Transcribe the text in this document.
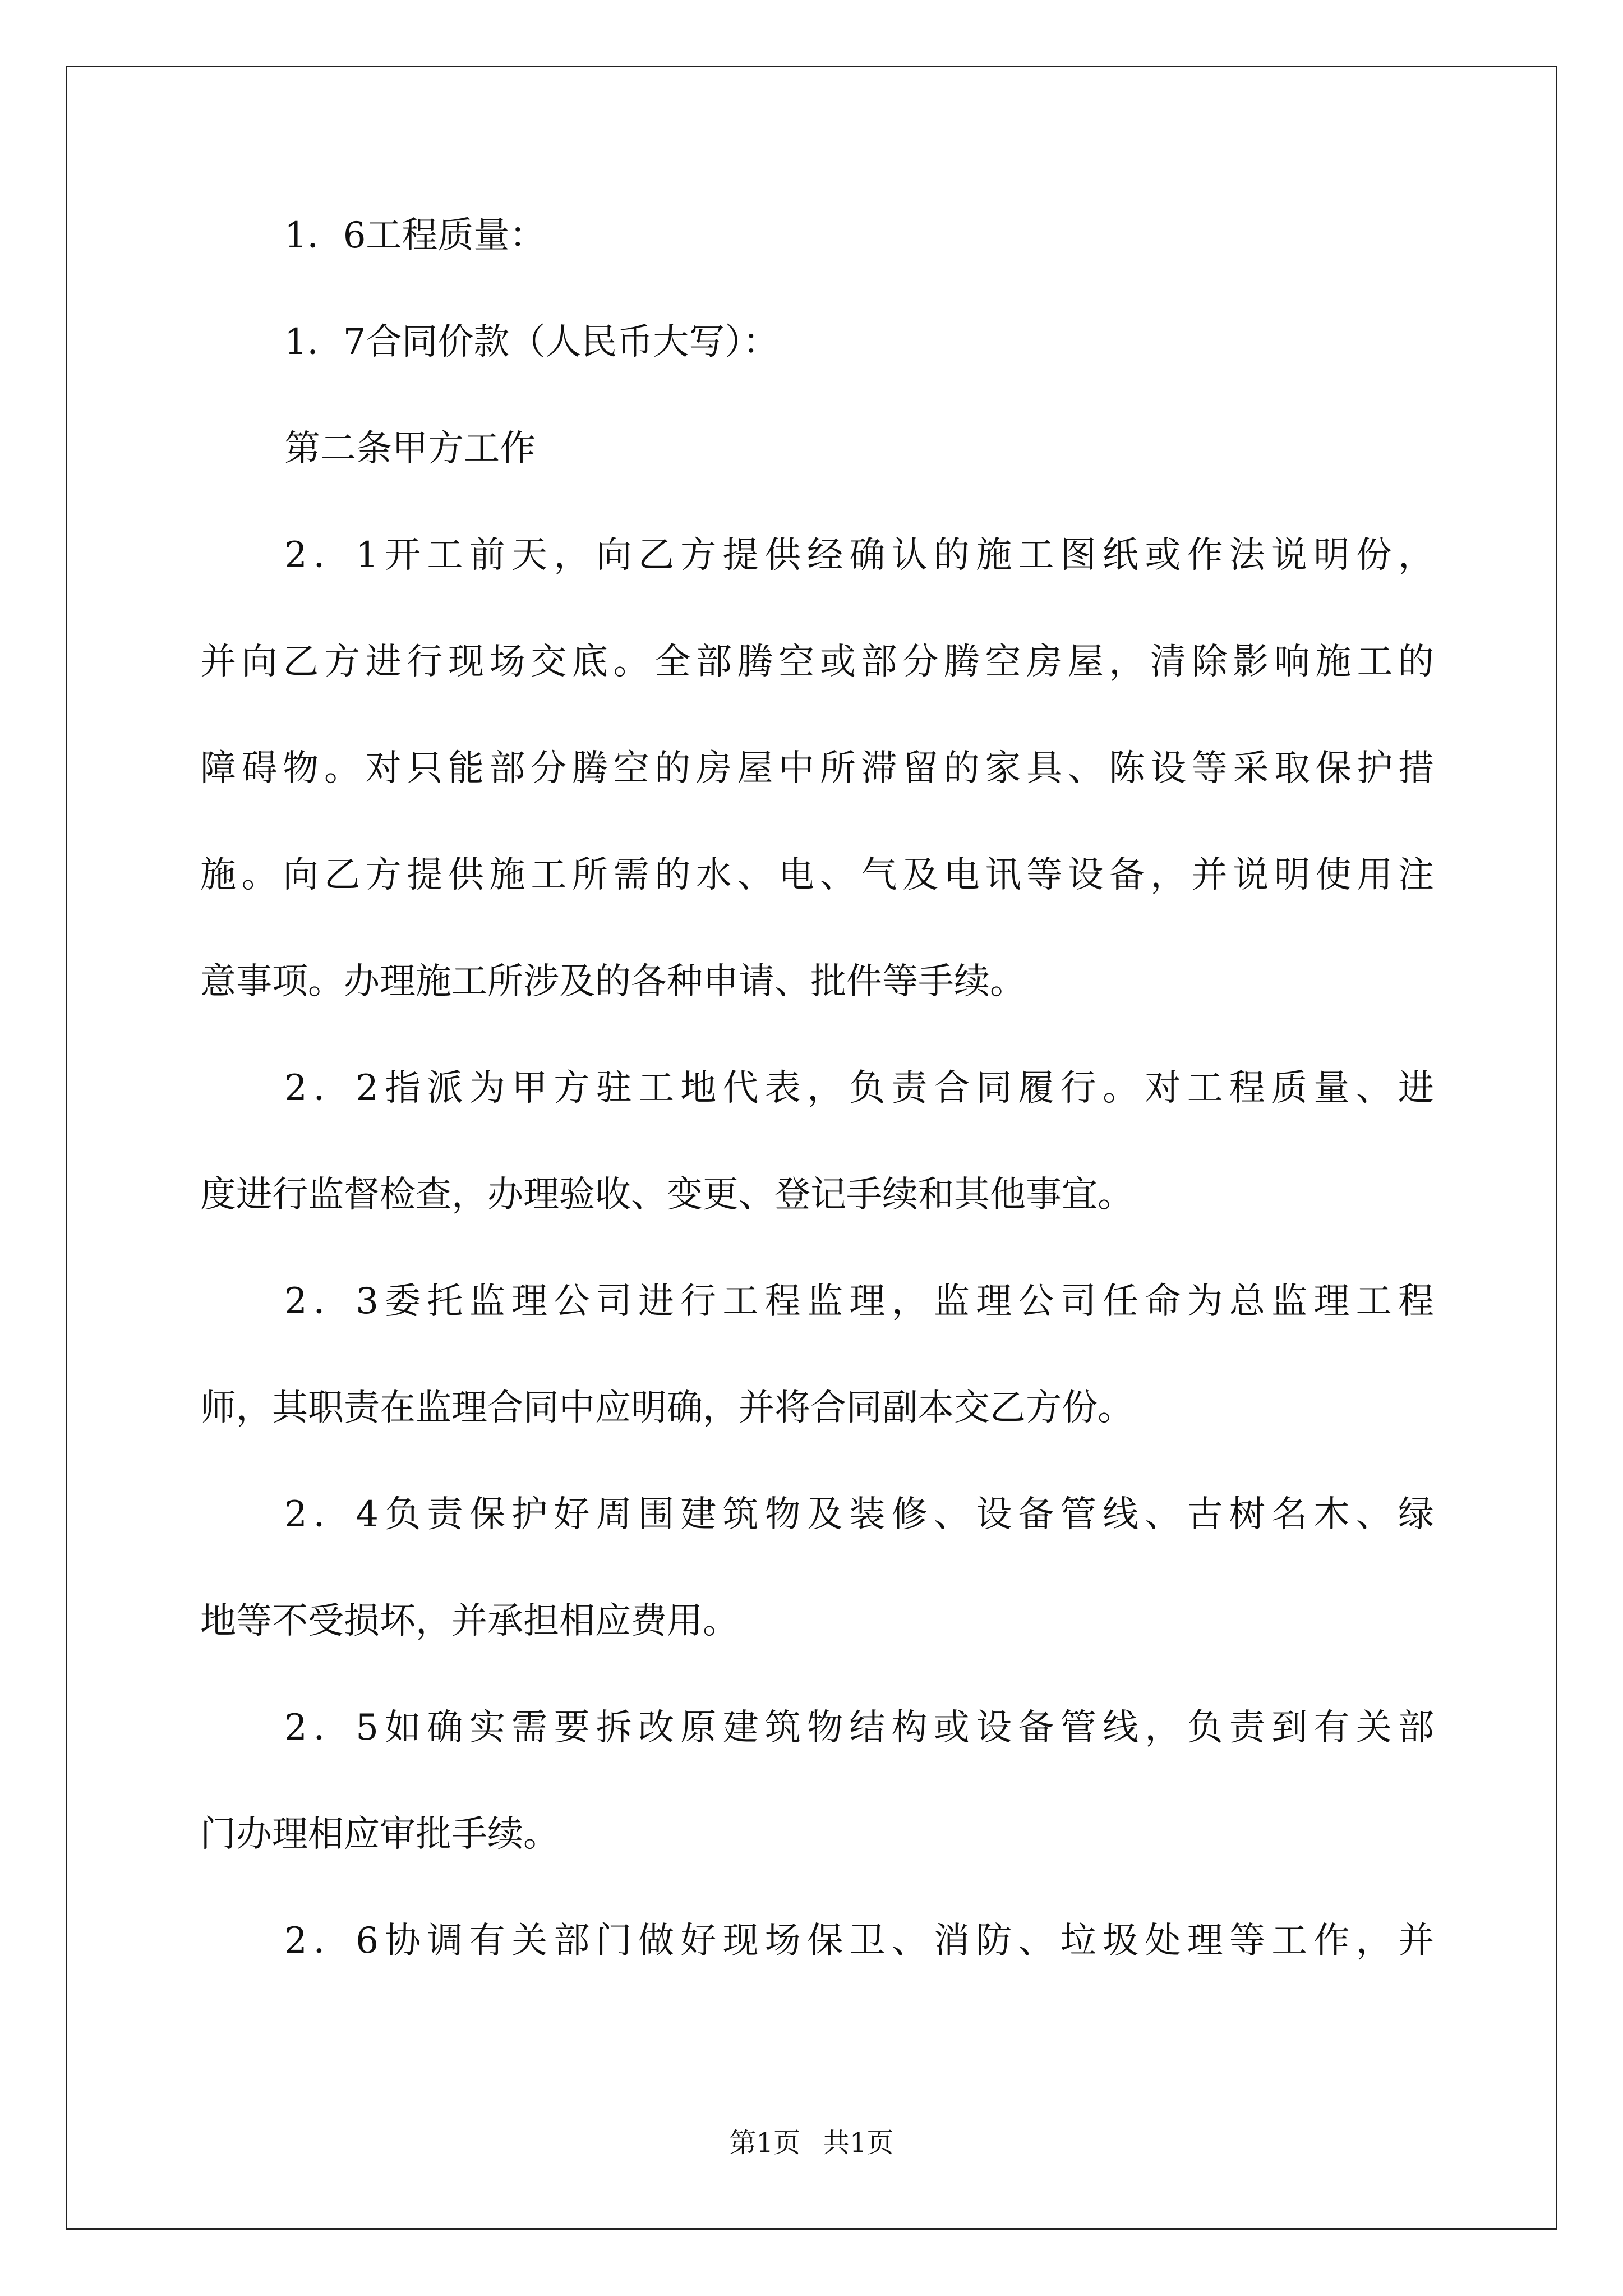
1．6工程质量：
1．7合同价款（人民币大写）：
第二条甲方工作
2．1开工前天，向乙方提供经确认的施工图纸或作法说明份，
并向乙方进行现场交底。全部腾空或部分腾空房屋，清除影响施工的
障碍物。对只能部分腾空的房屋中所滞留的家具、陈设等采取保护措
施。向乙方提供施工所需的水、电、气及电讯等设备，并说明使用注
意事项。办理施工所涉及的各种申请、批件等手续。
2．2指派为甲方驻工地代表，负责合同履行。对工程质量、进
度进行监督检查，办理验收、变更、登记手续和其他事宜。
2．3委托监理公司进行工程监理，监理公司任命为总监理工程
师，其职责在监理合同中应明确，并将合同副本交乙方份。
2．4负责保护好周围建筑物及装修、设备管线、古树名木、绿
地等不受损坏，并承担相应费用。
2．5如确实需要拆改原建筑物结构或设备管线，负责到有关部
门办理相应审批手续。
2．6协调有关部门做好现场保卫、消防、垃圾处理等工作，并
第1页 共1页
